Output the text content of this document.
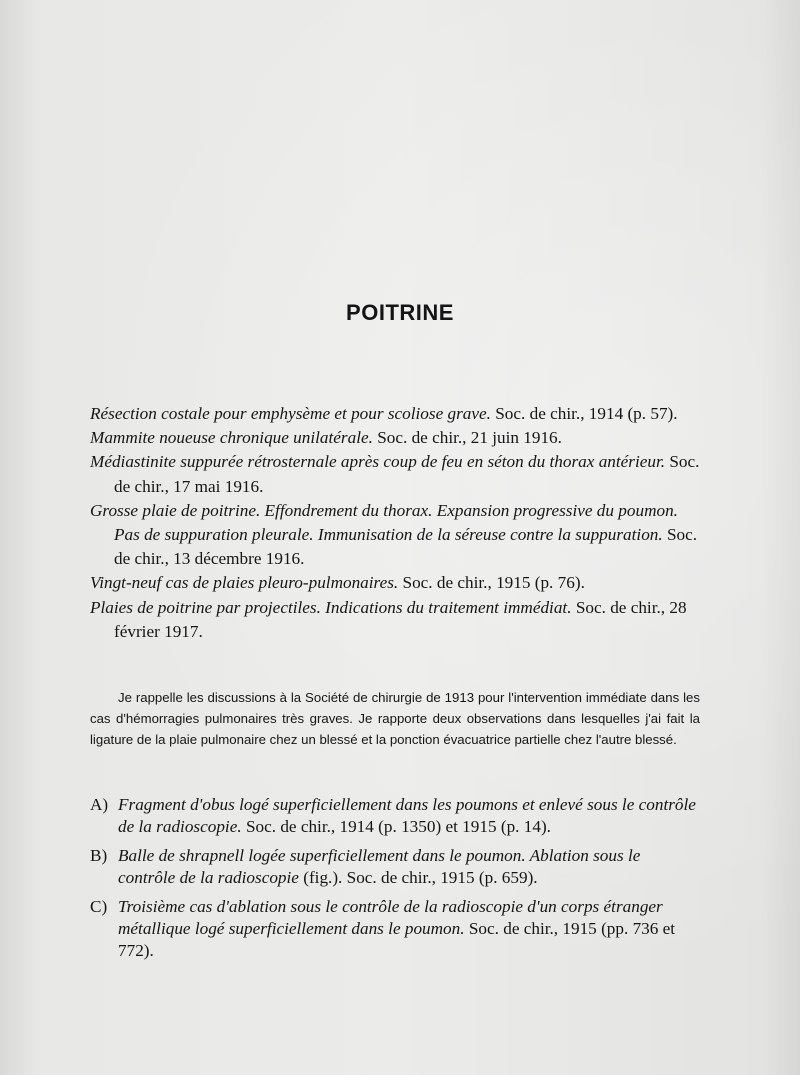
POITRINE

Résection costale pour emphysème et pour scoliose grave. Soc. de chir., 1914 (p. 57).

Mammite noueuse chronique unilatérale. Soc. de chir., 21 juin 1916.

Médiastinite suppurée rétrosternale après coup de feu en séton du thorax antérieur. Soc. de chir., 17 mai 1916.

Grosse plaie de poitrine. Effondrement du thorax. Expansion progressive du poumon. Pas de suppuration pleurale. Immunisation de la séreuse contre la suppuration. Soc. de chir., 13 décembre 1916.

Vingt-neuf cas de plaies pleuro-pulmonaires. Soc. de chir., 1915 (p. 76).

Plaies de poitrine par projectiles. Indications du traitement immédiat. Soc. de chir., 28 février 1917.

Je rappelle les discussions à la Société de chirurgie de 1913 pour l'intervention immédiate dans les cas d'hémorragies pulmonaires très graves. Je rapporte deux observations dans lesquelles j'ai fait la ligature de la plaie pulmonaire chez un blessé et la ponction évacuatrice partielle chez l'autre blessé.

A) Fragment d'obus logé superficiellement dans les poumons et enlevé sous le contrôle de la radioscopie. Soc. de chir., 1914 (p. 1350) et 1915 (p. 14).
B) Balle de shrapnell logée superficiellement dans le poumon. Ablation sous le contrôle de la radioscopie (fig.). Soc. de chir., 1915 (p. 659).
C) Troisième cas d'ablation sous le contrôle de la radioscopie d'un corps étranger métallique logé superficiellement dans le poumon. Soc. de chir., 1915 (pp. 736 et 772).
